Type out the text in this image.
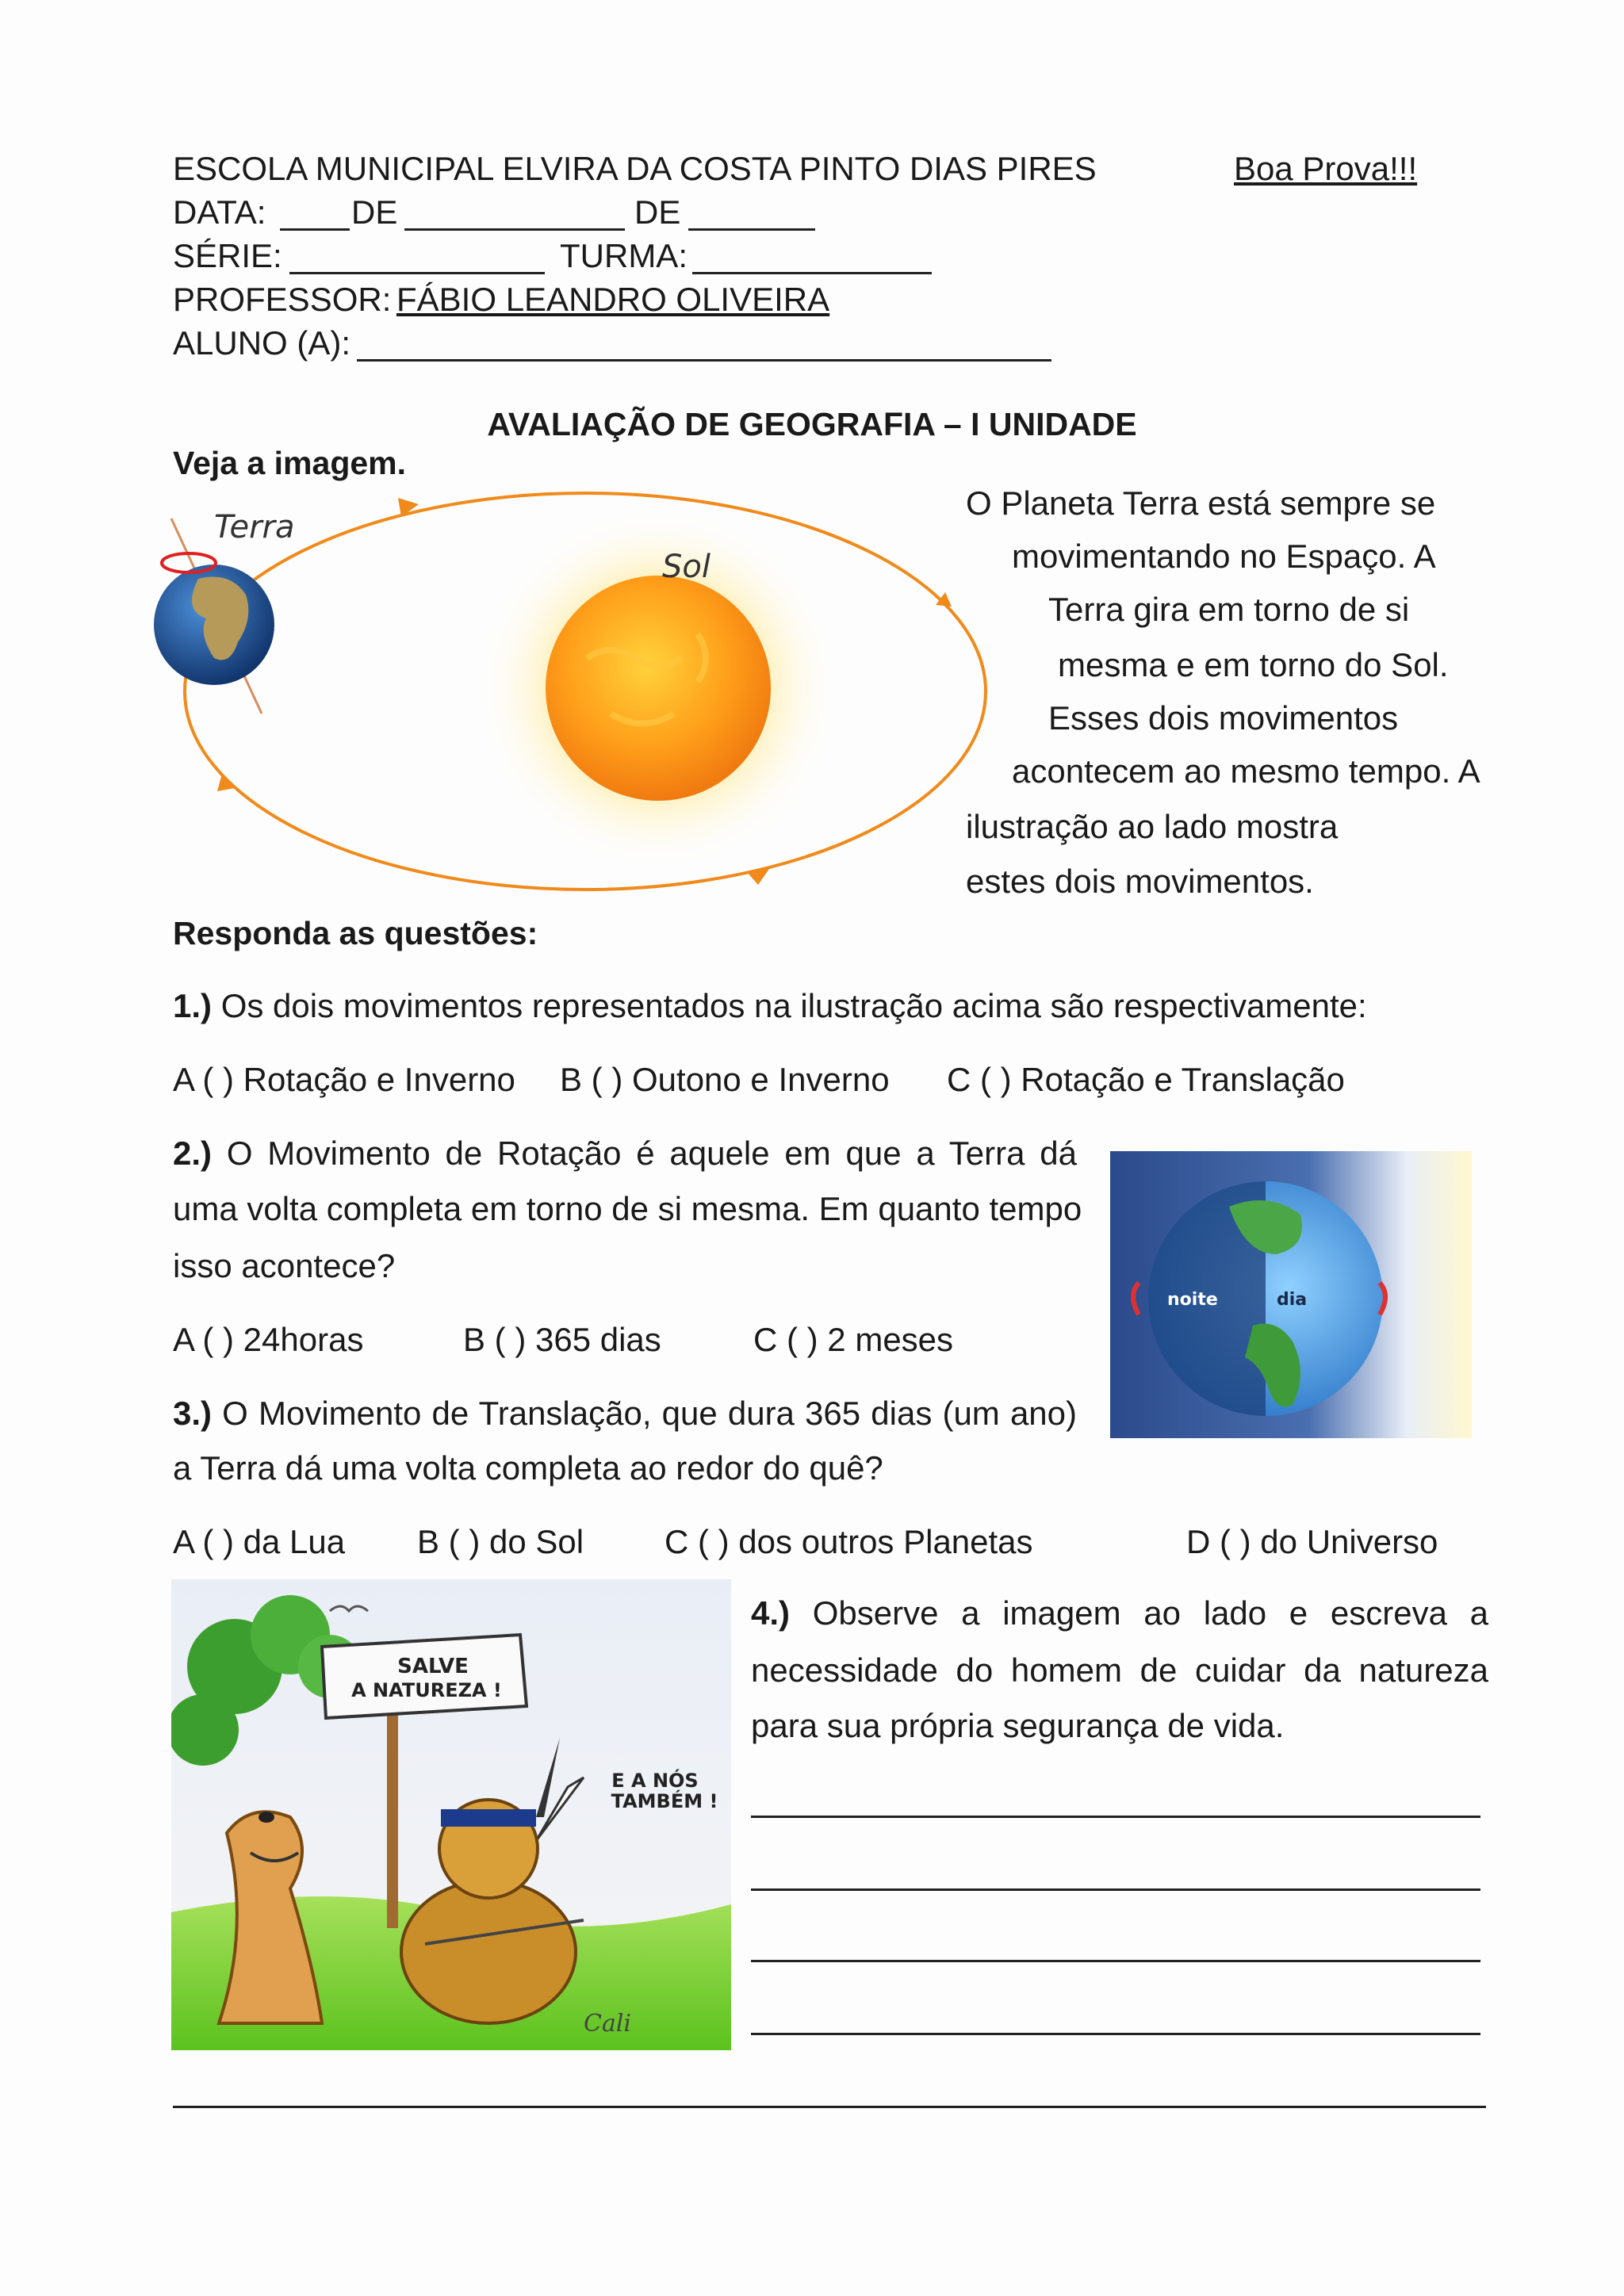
ESCOLA MUNICIPAL ELVIRA DA COSTA PINTO DIAS PIRES	Boa Prova!!!
DATA:	DE	DE
SÉRIE:	TURMA:
PROFESSOR: FÁBIO LEANDRO OLIVEIRA
ALUNO (A):
AVALIAÇÃO DE GEOGRAFIA – I UNIDADE
Veja a imagem.
Terra
Sol
O Planeta Terra está sempre se
movimentando no Espaço. A
Terra gira em torno de si
mesma e em torno do Sol.
Esses dois movimentos
acontecem ao mesmo tempo. A
ilustração ao lado mostra
estes dois movimentos.
Responda as questões:
1.) Os dois movimentos representados na ilustração acima são respectivamente:
A ( ) Rotação e Inverno B ( ) Outono e Inverno C ( ) Rotação e Translação
2.) O Movimento de Rotação é aquele em que a Terra dá
uma volta completa em torno de si mesma. Em quanto tempo
isso acontece?
A ( ) 24horas	B ( ) 365 dias	C ( ) 2 meses
noite	dia
3.) O Movimento de Translação, que dura 365 dias (um ano)
a Terra dá uma volta completa ao redor do quê?
A ( ) da Lua B ( ) do Sol C ( ) dos outros Planetas	D ( ) do Universo
SALVE
A NATUREZA !
E A NÓS
TAMBÉM !
Cali
4.) Observe a imagem ao lado e escreva a
necessidade do homem de cuidar da natureza
para sua própria segurança de vida.
